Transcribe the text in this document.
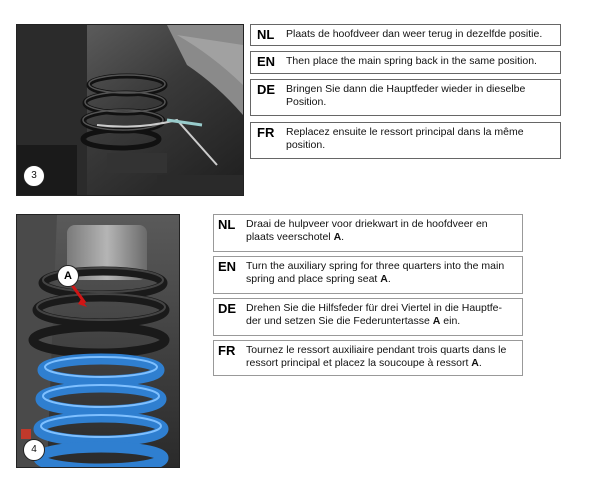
3
NL	Plaats de hoofdveer dan weer terug in dezelfde positie.
EN	Then place the main spring back in the same position.
DE	Bringen Sie dann die Hauptfeder wieder in dieselbe Position.
FR	Replacez ensuite le ressort principal dans la même position.
A
4
NL	Draai de hulpveer voor driekwart in de hoofdveer en plaats veerschotel A.
EN Turn the auxiliary spring for three quarters into the main spring and place spring seat A.
DE Drehen Sie die Hilfsfeder für drei Viertel in die Hauptfe-der und setzen Sie die Federuntertasse A ein.
FR	Tournez le ressort auxiliaire pendant trois quarts dans le ressort principal et placez la soucoupe à ressort A.
